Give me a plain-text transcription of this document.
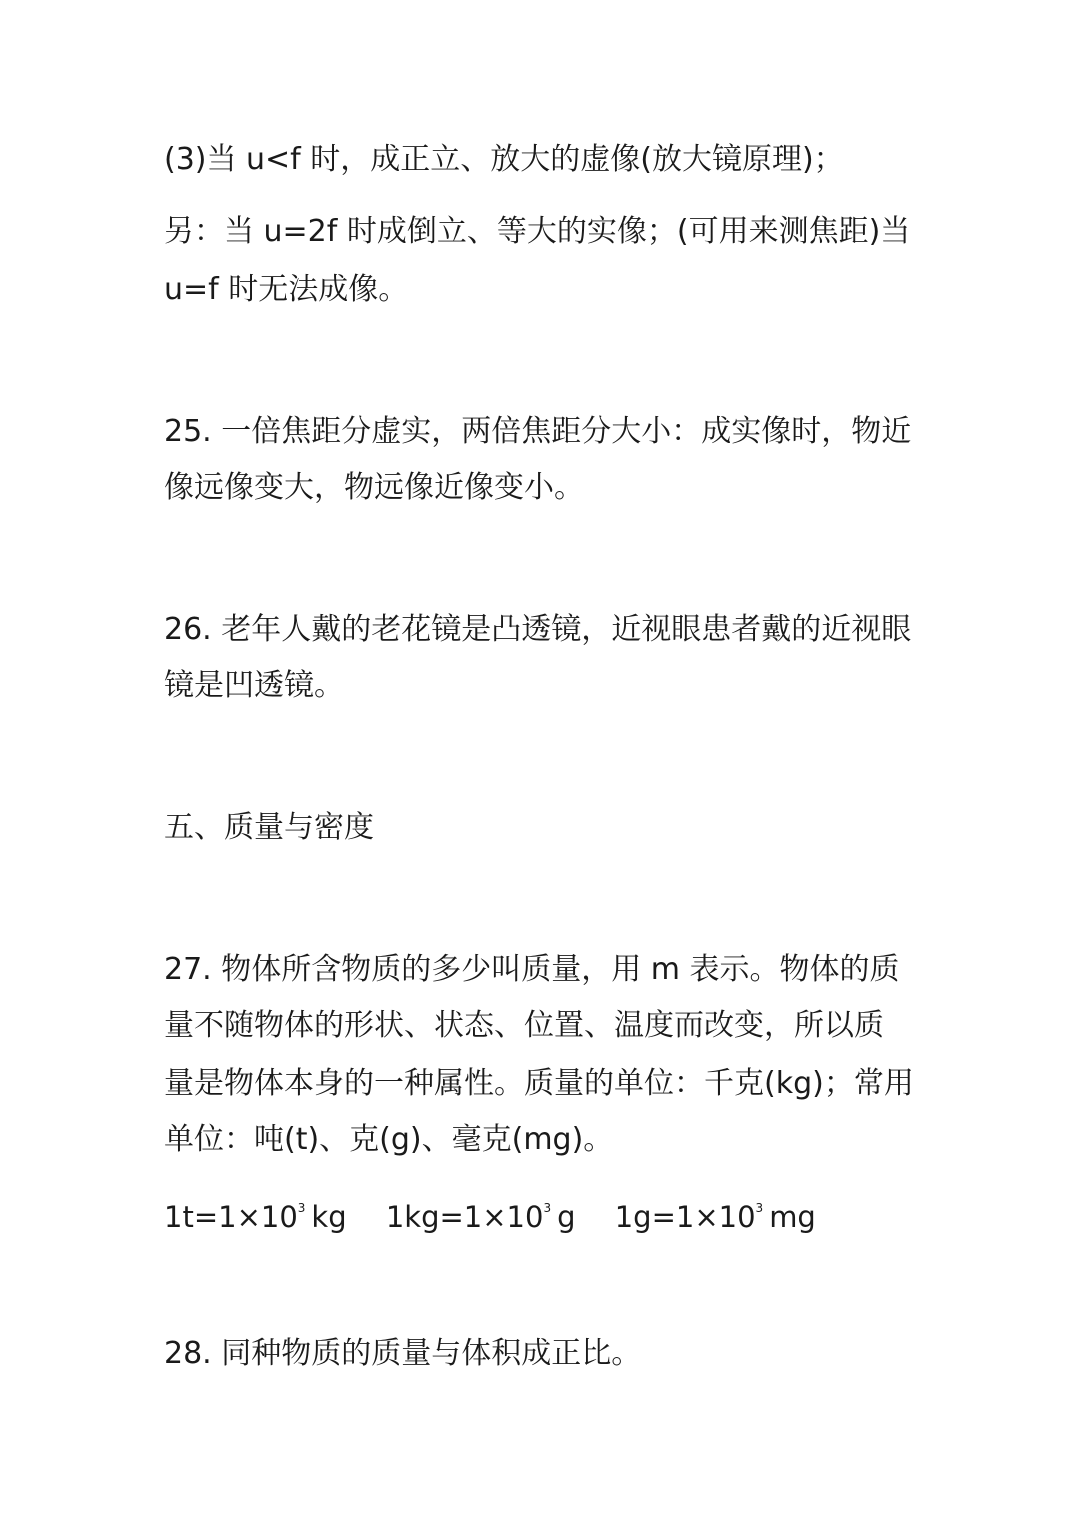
(3)当 u<f 时，成正立、放大的虚像(放大镜原理)；
另：当 u=2f 时成倒立、等大的实像；(可用来测焦距)当
u=f 时无法成像。
25. 一倍焦距分虚实，两倍焦距分大小：成实像时，物近
像远像变大，物远像近像变小。
26. 老年人戴的老花镜是凸透镜，近视眼患者戴的近视眼
镜是凹透镜。
五、质量与密度
27. 物体所含物质的多少叫质量，用 m 表示。物体的质
量不随物体的形状、状态、位置、温度而改变，所以质
量是物体本身的一种属性。质量的单位：千克(kg)；常用
单位：吨(t)、克(g)、毫克(mg)。
$1t=1\times 10^3$ kg $1kg=1\times 10^3$ g $1g=1\times 10^3$ mg
28. 同种物质的质量与体积成正比。
